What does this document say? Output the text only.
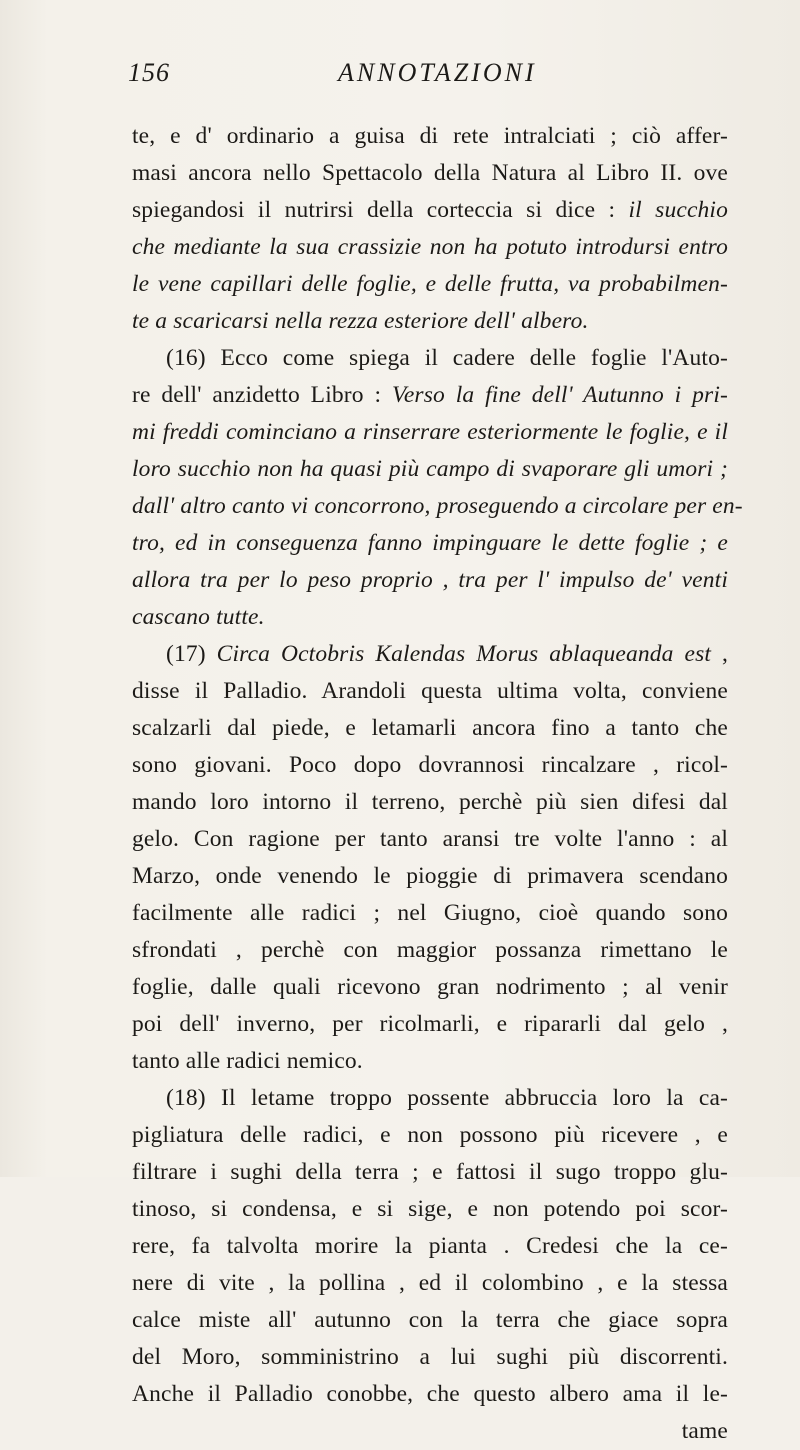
156	ANNOTAZIONI
te, e d' ordinario a guisa di rete intralciati ; ciò affer-
masi ancora nello Spettacolo della Natura al Libro II. ove
spiegandosi il nutrirsi della corteccia si dice : il succhio
che mediante la sua crassizie non ha potuto introdursi entro
le vene capillari delle foglie, e delle frutta, va probabilmen-
te a scaricarsi nella rezza esteriore dell' albero.
(16) Ecco come spiega il cadere delle foglie l'Auto-
re dell' anzidetto Libro : Verso la fine dell' Autunno i pri-
mi freddi cominciano a rinserrare esteriormente le foglie, e il
loro succhio non ha quasi più campo di svaporare gli umori ;
dall' altro canto vi concorrono, proseguendo a circolare per en-
tro, ed in conseguenza fanno impinguare le dette foglie ; e
allora tra per lo peso proprio , tra per l' impulso de' venti
cascano tutte.
(17) Circa Octobris Kalendas Morus ablaqueanda est ,
disse il Palladio. Arandoli questa ultima volta, conviene
scalzarli dal piede, e letamarli ancora fino a tanto che
sono giovani. Poco dopo dovrannosi rincalzare , ricol-
mando loro intorno il terreno, perchè più sien difesi dal
gelo. Con ragione per tanto aransi tre volte l'anno : al
Marzo, onde venendo le pioggie di primavera scendano
facilmente alle radici ; nel Giugno, cioè quando sono
sfrondati , perchè con maggior possanza rimettano le
foglie, dalle quali ricevono gran nodrimento ; al venir
poi dell' inverno, per ricolmarli, e ripararli dal gelo ,
tanto alle radici nemico.
(18) Il letame troppo possente abbruccia loro la ca-
pigliatura delle radici, e non possono più ricevere , e
filtrare i sughi della terra ; e fattosi il sugo troppo glu-
tinoso, si condensa, e si sige, e non potendo poi scor-
rere, fa talvolta morire la pianta . Credesi che la ce-
nere di vite , la pollina , ed il colombino , e la stessa
calce miste all' autunno con la terra che giace sopra
del Moro, somministrino a lui sughi più discorrenti.
Anche il Palladio conobbe, che questo albero ama il le-
tame
